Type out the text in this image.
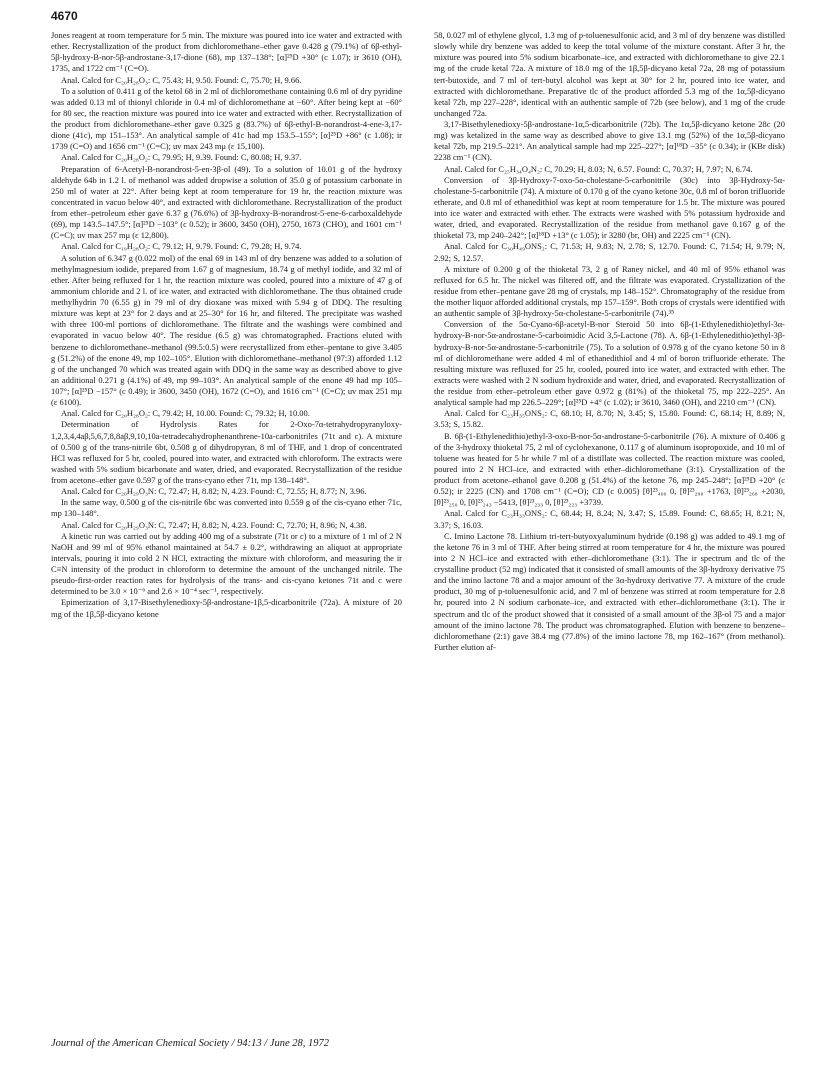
4670

Jones reagent at room temperature for 5 min. The mixture was poured into ice water and extracted with ether. Recrystallization of the product from dichloromethane–ether gave 0.428 g (79.1%) of 6β-ethyl-5β-hydroxy-B-nor-5β-androstane-3,17-dione (68), mp 137–138°; [α]²⁵D +30° (c 1.07); ir 3610 (OH), 1735, and 1722 cm⁻¹ (C=O).

Anal. Calcd for C₂₀H₂₈O₃: C, 75.43; H, 9.50. Found: C, 75.70; H, 9.66.

To a solution of 0.411 g of the ketol 68 in 2 ml of dichloromethane containing 0.6 ml of dry pyridine was added 0.13 ml of thionyl chloride in 0.4 ml of dichloromethane at −60°. After being kept at −60° for 80 sec, the reaction mixture was poured into ice water and extracted with ether. Recrystallization of the product from dichloromethane–ether gave 0.325 g (83.7%) of 6β-ethyl-B-norandrost-4-ene-3,17-dione (41c), mp 151–153°. An analytical sample of 41c had mp 153.5–155°; [α]²⁵D +86° (c 1.08); ir 1739 (C=O) and 1656 cm⁻¹ (C=C); uv max 243 mμ (ε 15,100).

Anal. Calcd for C₂₀H₂₈O₂: C, 79.95; H, 9.39. Found: C, 80.08; H, 9.37.

Preparation of 6-Acetyl-B-norandrost-5-en-3β-ol (49). To a solution of 10.01 g of the hydroxy aldehyde 64b in 1.2 l. of methanol was added dropwise a solution of 35.0 g of potassium carbonate in 250 ml of water at 22°. After being kept at room temperature for 19 hr, the reaction mixture was concentrated in vacuo below 40°, and extracted with dichloromethane. Recrystallization of the product from ether–petroleum ether gave 6.37 g (76.6%) of 3β-hydroxy-B-norandrost-5-ene-6-carboxaldehyde (69), mp 143.5–147.5°; [α]²⁵D −103° (c 0.52); ir 3600, 3450 (OH), 2750, 1673 (CHO), and 1601 cm⁻¹ (C=C); uv max 257 mμ (ε 12,800).

Anal. Calcd for C₁₉H₂₈O₂: C, 79.12; H, 9.79. Found: C, 79.28; H, 9.74.

A solution of 6.347 g (0.022 mol) of the enal 69 in 143 ml of dry benzene was added to a solution of methylmagnesium iodide, prepared from 1.67 g of magnesium, 18.74 g of methyl iodide, and 32 ml of ether. After being refluxed for 1 hr, the reaction mixture was cooled, poured into a mixture of 47 g of ammonium chloride and 2 l. of ice water, and extracted with dichloromethane. The thus obtained crude methylhydrin 70 (6.55 g) in 79 ml of dry dioxane was mixed with 5.94 g of DDQ. The resulting mixture was kept at 23° for 2 days and at 25–30° for 16 hr, and filtered. The precipitate was washed with three 100-ml portions of dichloromethane. The filtrate and the washings were combined and evaporated in vacuo below 40°. The residue (6.5 g) was chromatographed. Fractions eluted with benzene to dichloromethane–methanol (99.5:0.5) were recrystallized from ether–pentane to give 3.405 g (51.2%) of the enone 49, mp 102–105°. Elution with dichloromethane–methanol (97:3) afforded 1.12 g of the unchanged 70 which was treated again with DDQ in the same way as described above to give an additional 0.271 g (4.1%) of 49, mp 99–103°. An analytical sample of the enone 49 had mp 105–107°; [α]²⁵D −157° (c 0.49); ir 3600, 3450 (OH), 1672 (C=O), and 1616 cm⁻¹ (C=C); uv max 251 mμ (ε 6100).

Anal. Calcd for C₂₀H₂₈O₂: C, 79.42; H, 10.00. Found: C, 79.32; H, 10.00.

Determination of Hydrolysis Rates for 2-Oxo-7α-tetrahydropyranyloxy-1,2,3,4,4aβ,5,6,7,8,8aβ,9,10,10a-tetradecahydrophenanthrene-10a-carbonitriles (71t and c). A mixture of 0.500 g of the trans-nitrile 6bt, 0.508 g of dihydropyran, 8 ml of THF, and 1 drop of concentrated HCl was refluxed for 5 hr, cooled, poured into water, and extracted with chloroform. The extracts were washed with 5% sodium bicarbonate and water, dried, and evaporated. Recrystallization of the residue from acetone–ether gave 0.597 g of the trans-cyano ether 71t, mp 138–148°.

Anal. Calcd for C₂₀H₂₉O₃N: C, 72.47; H, 8.82; N, 4.23. Found: C, 72.55; H, 8.77; N, 3.96.

In the same way, 0.500 g of the cis-nitrile 6bc was converted into 0.559 g of the cis-cyano ether 71c, mp 130–148°.

Anal. Calcd for C₂₀H₂₉O₃N: C, 72.47; H, 8.82; N, 4.23. Found: C, 72.70; H, 8.96; N, 4.38.

A kinetic run was carried out by adding 400 mg of a substrate (71t or c) to a mixture of 1 ml of 2 N NaOH and 99 ml of 95% ethanol maintained at 54.7 ± 0.2°, withdrawing an aliquot at appropriate intervals, pouring it into cold 2 N HCl, extracting the mixture with chloroform, and measuring the ir C≡N intensity of the product in chloroform to determine the amount of the unchanged nitrile. The pseudo-first-order reaction rates for hydrolysis of the trans- and cis-cyano ketones 71t and c were determined to be 3.0 × 10⁻⁶ and 2.6 × 10⁻⁴ sec⁻¹, respectively.

Epimerization of 3,17-Bisethylenedioxy-5β-androstane-1β,5-dicarbonitrile (72a). A mixture of 20 mg of the 1β,5β-dicyano ketone

58, 0.027 ml of ethylene glycol, 1.3 mg of p-toluenesulfonic acid, and 3 ml of dry benzene was distilled slowly while dry benzene was added to keep the total volume of the mixture constant. After 3 hr, the mixture was poured into 5% sodium bicarbonate–ice, and extracted with dichloromethane to give 22.1 mg of the crude ketal 72a. A mixture of 18.0 mg of the 1β,5β-dicyano ketal 72a, 28 mg of potassium tert-butoxide, and 7 ml of tert-butyl alcohol was kept at 30° for 2 hr, poured into ice water, and extracted with dichloromethane. Preparative tlc of the product afforded 5.3 mg of the 1α,5β-dicyano ketal 72b, mp 227–228°, identical with an authentic sample of 72b (see below), and 1 mg of the crude unchanged 72a.

3,17-Bisethylenedioxy-5β-androstane-1α,5-dicarbonitrile (72b). The 1α,5β-dicyano ketone 28c (20 mg) was ketalized in the same way as described above to give 13.1 mg (52%) of the 1α,5β-dicyano ketal 72b, mp 219.5–221°. An analytical sample had mp 225–227°; [α]¹⁸D −35° (c 0.34); ir (KBr disk) 2238 cm⁻¹ (CN).

Anal. Calcd for C₂₅H₃₄O₄N₂: C, 70.29; H, 8.03; N, 6.57. Found: C, 70.37; H, 7.97; N, 6.74.

Conversion of 3β-Hydroxy-7-oxo-5α-cholestane-5-carbonitrile (30c) into 3β-Hydroxy-5α-cholestane-5-carbonitrile (74). A mixture of 0.170 g of the cyano ketone 30c, 0.8 ml of boron trifluoride etherate, and 0.8 ml of ethanedithiol was kept at room temperature for 1.5 hr. The mixture was poured into ice water and extracted with ether. The extracts were washed with 5% potassium hydroxide and water, dried, and evaporated. Recrystallization of the residue from methanol gave 0.167 g of the thioketal 73, mp 240–242°; [α]¹⁸D +13° (c 1.05); ir 3280 (br, OH) and 2225 cm⁻¹ (CN).

Anal. Calcd for C₃₀H₄₉ONS₂: C, 71.53; H, 9.83; N, 2.78; S, 12.70. Found: C, 71.54; H, 9.79; N, 2.92; S, 12.57.

A mixture of 0.200 g of the thioketal 73, 2 g of Raney nickel, and 40 ml of 95% ethanol was refluxed for 6.5 hr. The nickel was filtered off, and the filtrate was evaporated. Crystallization of the residue from ether–pentane gave 28 mg of crystals, mp 148–152°. Chromatography of the residue from the mother liquor afforded additional crystals, mp 157–159°. Both crops of crystals were identified with an authentic sample of 3β-hydroxy-5α-cholestane-5-carbonitrile (74).³⁵

Conversion of the 5α-Cyano-6β-acetyl-B-nor Steroid 50 into 6β-(1-Ethylenedithio)ethyl-3α-hydroxy-B-nor-5α-androstane-5-carboimidic Acid 3,5-Lactone (78). A. 6β-(1-Ethylenedithio)ethyl-3β-hydroxy-B-nor-5α-androstane-5-carbonitrile (75). To a solution of 0.978 g of the cyano ketone 50 in 8 ml of dichloromethane were added 4 ml of ethanedithiol and 4 ml of boron trifluoride etherate. The resulting mixture was refluxed for 25 hr, cooled, poured into ice water, and extracted with ether. The extracts were washed with 2 N sodium hydroxide and water, dried, and evaporated. Recrystallization of the residue from ether–petroleum ether gave 0.972 g (81%) of the thioketal 75, mp 222–225°. An analytical sample had mp 226.5–229°; [α]²⁵D +4° (c 1.02); ir 3610, 3460 (OH), and 2210 cm⁻¹ (CN).

Anal. Calcd for C₂₃H₃₅ONS₂: C, 68.10; H, 8.70; N, 3.45; S, 15.80. Found: C, 68.14; H, 8.89; N, 3.53; S, 15.82.

B. 6β-(1-Ethylenedithio)ethyl-3-oxo-B-nor-5α-androstane-5-carbonitrile (76). A mixture of 0.406 g of the 3-hydroxy thioketal 75, 2 ml of cyclohexanone, 0.117 g of aluminum isopropoxide, and 10 ml of toluene was heated for 5 hr while 7 ml of a distillate was collected. The reaction mixture was cooled, poured into 2 N HCl–ice, and extracted with ether–dichloromethane (3:1). Crystallization of the product from acetone–ethanol gave 0.208 g (51.4%) of the ketone 76, mp 245–248°; [α]²⁵D +20° (c 0.52); ir 2225 (CN) and 1708 cm⁻¹ (C=O); CD (c 0.005) [θ]²³₄₀₀ 0, [θ]²³₂₉₀ +1763, [θ]²³₂₆₈ +2030, [θ]²³₂₅₀ 0, [θ]²³₂₄₃ −5413, [θ]²³₂₃₃ 0, [θ]²³₂₂₃ +3739.

Anal. Calcd for C₂₃H₃₃ONS₂: C, 68.44; H, 8.24; N, 3.47; S, 15.89. Found: C, 68.65; H, 8.21; N, 3.37; S, 16.03.

C. Imino Lactone 78. Lithium tri-tert-butyoxyaluminum hydride (0.198 g) was added to 49.1 mg of the ketone 76 in 3 ml of THF. After being stirred at room temperature for 4 hr, the mixture was poured into 2 N HCl–ice and extracted with ether–dichloromethane (3:1). The ir spectrum and tlc of the crystalline product (52 mg) indicated that it consisted of small amounts of the 3β-hydroxy derivative 75 and the imino lactone 78 and a major amount of the 3α-hydroxy derivative 77. A mixture of the crude product, 30 mg of p-toluenesulfonic acid, and 7 ml of benzene was stirred at room temperature for 2.8 hr, poured into 2 N sodium carbonate–ice, and extracted with ether–dichloromethane (3:1). The ir spectrum and tlc of the product showed that it consisted of a small amount of the 3β-ol 75 and a major amount of the imino lactone 78. The product was chromatographed. Elution with benzene to benzene–dichloromethane (2:1) gave 38.4 mg (77.8%) of the imino lactone 78, mp 162–167° (from methanol). Further elution af-

Journal of the American Chemical Society / 94:13 / June 28, 1972
